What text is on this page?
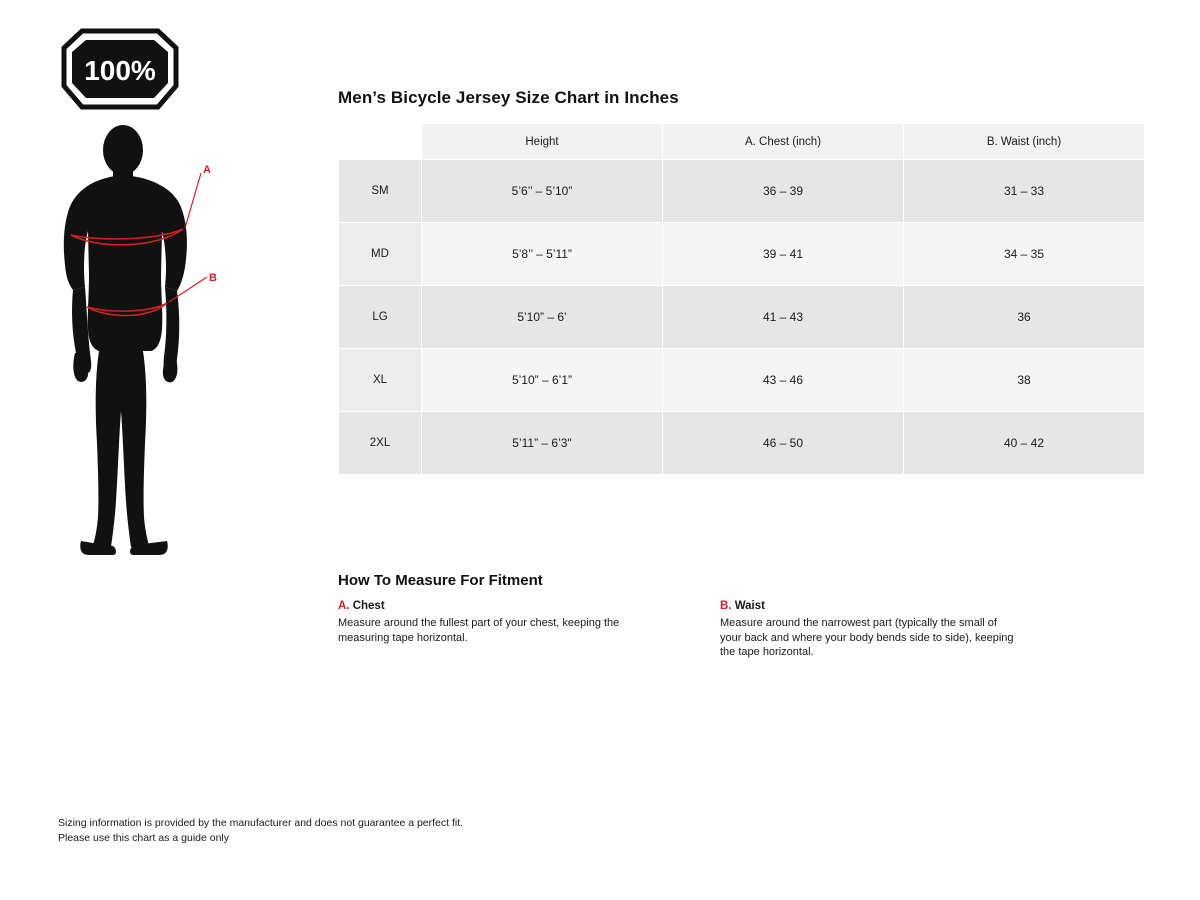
100%
A
B
Men’s Bicycle Jersey Size Chart in Inches
	Height	A. Chest (inch)	B. Waist (inch)
SM	5’6’’ – 5’10”	36 – 39	31 – 33
MD	5’8’’ – 5’11”	39 – 41	34 – 35
LG	5’10” – 6’	41 – 43	36
XL	5’10” – 6’1”	43 – 46	38
2XL	5’11” – 6’3"	46 – 50	40 – 42
How To Measure For Fitment
A. Chest
Measure around the fullest part of your chest, keeping the measuring tape horizontal.
B. Waist
Measure around the narrowest part (typically the small of your back and where your body bends side to side), keeping the tape horizontal.
Sizing information is provided by the manufacturer and does not guarantee a perfect fit.
Please use this chart as a guide only
